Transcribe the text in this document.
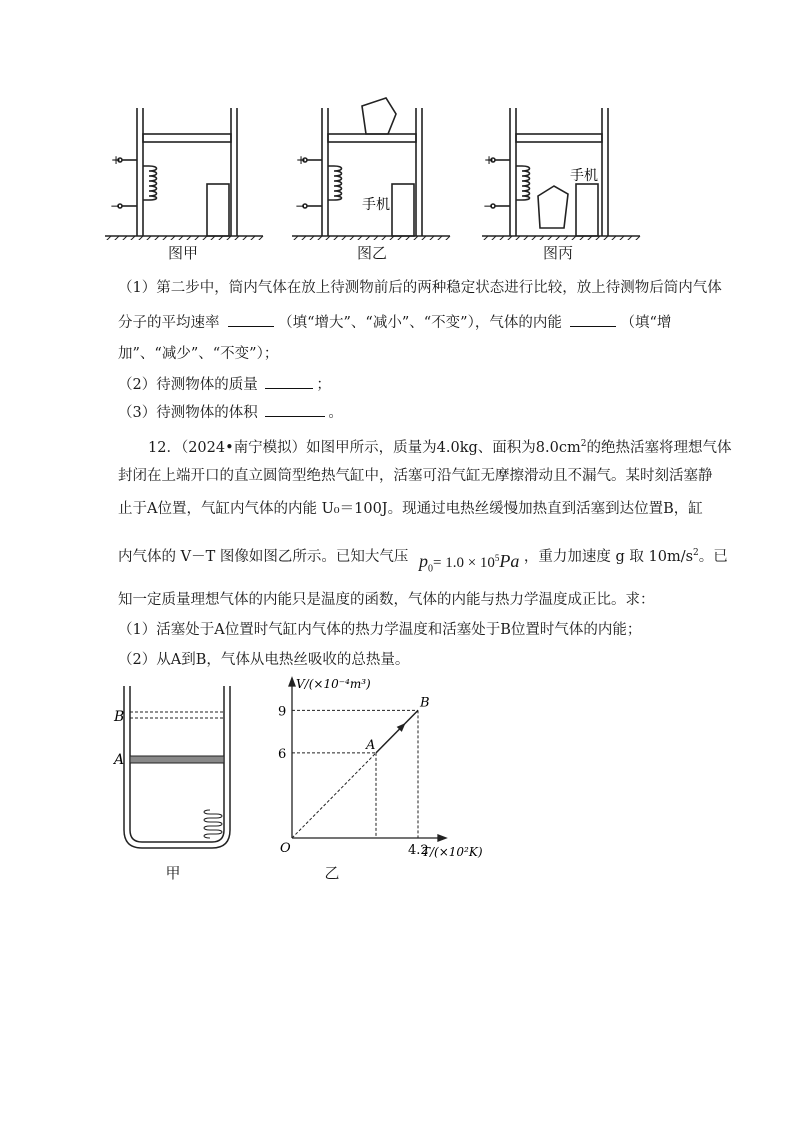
+
−
图甲
+
−	手机
图乙
+
−
手机
图丙
（1）第二步中，筒内气体在放上待测物前后的两种稳定状态进行比较，放上待测物后筒内气体
分子的平均速率	（填“增大”、“减小”、“不变”），气体的内能	（填“增
加”、“减少”、“不变”）；
（2）待测物体的质量	；
（3）待测物体的体积	。
12．（2024•南宁模拟）如图甲所示，质量为4.0kg、面积为$8.0cm^2$的绝热活塞将理想气体
封闭在上端开口的直立圆筒型绝热气缸中，活塞可沿气缸无摩擦滑动且不漏气。某时刻活塞静
止于A位置，气缸内气体的内能 U₀＝100J。现通过电热丝缓慢加热直到活塞到达位置B，缸
内气体的 V－T 图像如图乙所示。已知大气压 $p_0= 1.0 \times 10^5Pa$ ，重力加速度 g 取 $10m/s^2$。已
知一定质量理想气体的内能只是温度的函数，气体的内能与热力学温度成正比。求：
（1）活塞处于A位置时气缸内气体的热力学温度和活塞处于B位置时气体的内能；
（2）从A到B，气体从电热丝吸收的总热量。
B
A
甲
A
B
6
9
4.2
V/(×10⁻⁴m³)
T/(×10²K)
O
乙
